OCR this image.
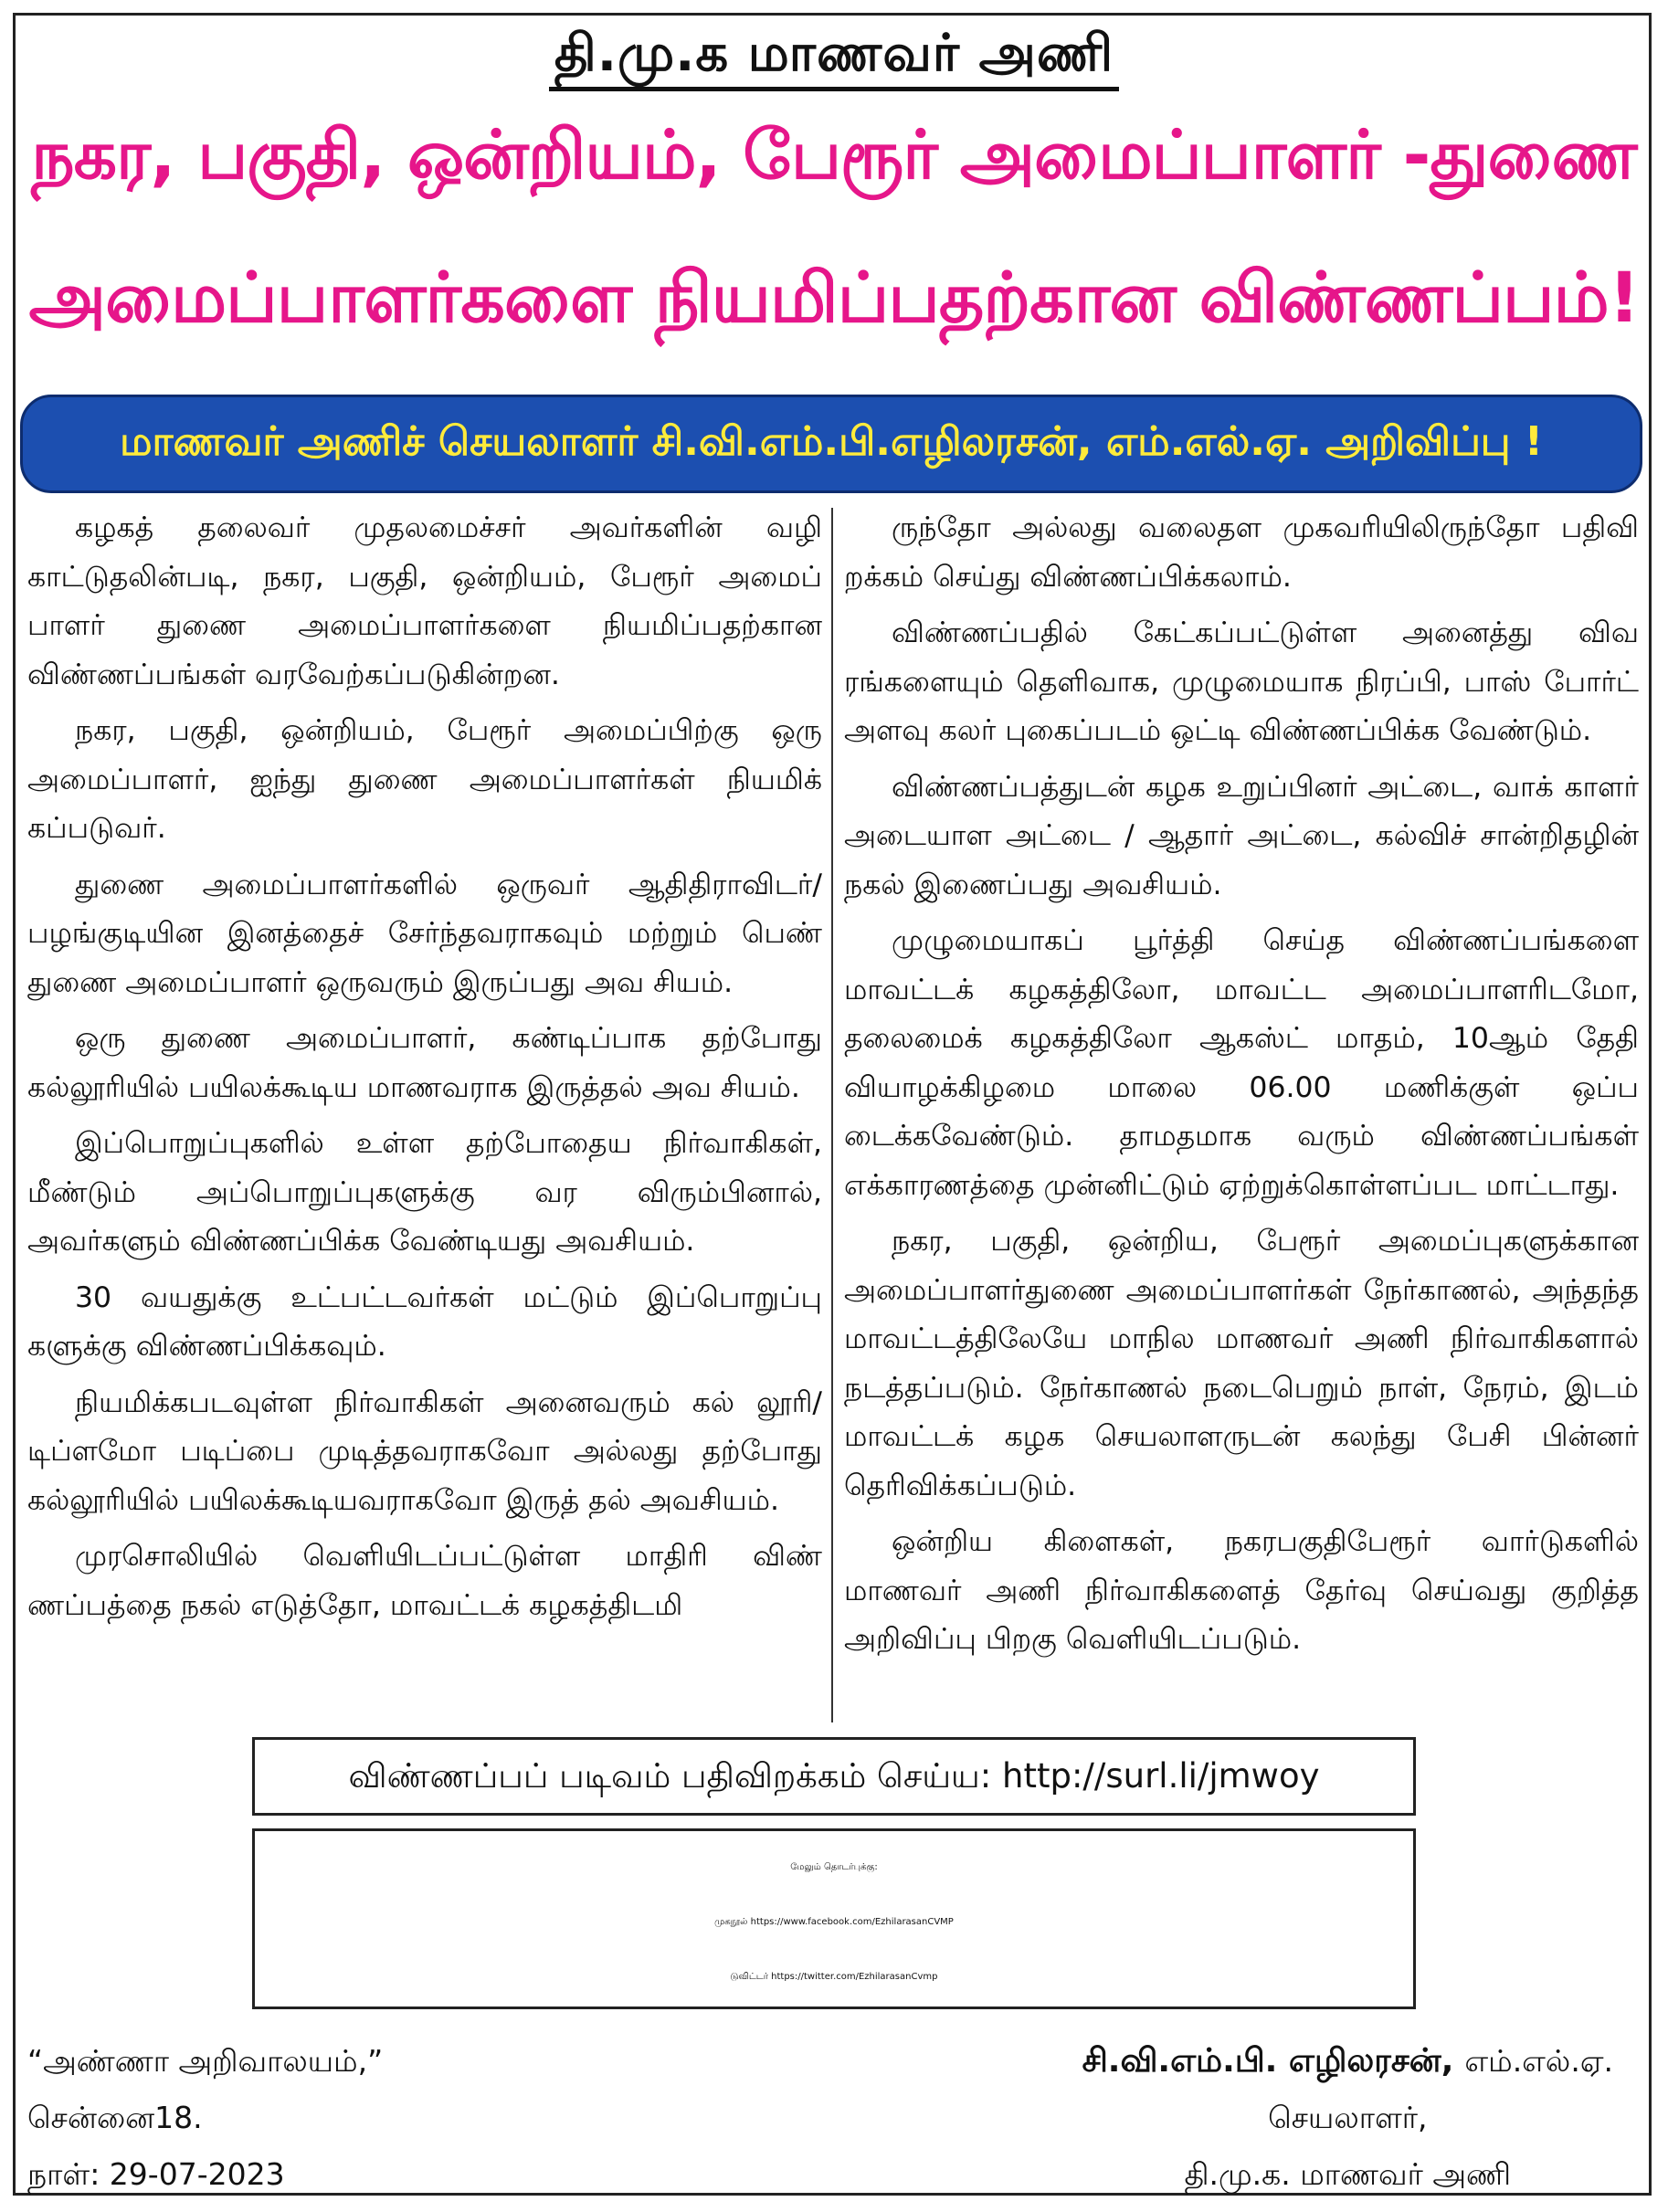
தி.மு.க மாணவர் அணி
நகர, பகுதி, ஒன்றியம், பேரூர் அமைப்பாளர் -துணை
அமைப்பாளர்களை நியமிப்பதற்கான விண்ணப்பம்!
மாணவர் அணிச் செயலாளர் சி.வி.எம்.பி.எழிலரசன், எம்.எல்.ஏ. அறிவிப்பு !

கழகத் தலைவர் முதலமைச்சர் அவர்களின் வழி காட்டுதலின்படி, நகர, பகுதி, ஒன்றியம், பேரூர் அமைப் பாளர் துணை அமைப்பாளர்களை நியமிப்பதற்கான விண்ணப்பங்கள் வரவேற்கப்படுகின்றன.

நகர, பகுதி, ஒன்றியம், பேரூர் அமைப்பிற்கு ஒரு அமைப்பாளர், ஐந்து துணை அமைப்பாளர்கள் நியமிக் கப்படுவர்.

துணை அமைப்பாளர்களில் ஒருவர் ஆதிதிராவிடர்/ பழங்குடியின இனத்தைச் சேர்ந்தவராகவும் மற்றும் பெண் துணை அமைப்பாளர் ஒருவரும் இருப்பது அவ சியம்.

ஒரு துணை அமைப்பாளர், கண்டிப்பாக தற்போது கல்லூரியில் பயிலக்கூடிய மாணவராக இருத்தல் அவ சியம்.

இப்பொறுப்புகளில் உள்ள தற்போதைய நிர்வாகிகள், மீண்டும் அப்பொறுப்புகளுக்கு வர விரும்பினால், அவர்களும் விண்ணப்பிக்க வேண்டியது அவசியம்.

30 வயதுக்கு உட்பட்டவர்கள் மட்டும் இப்பொறுப்பு களுக்கு விண்ணப்பிக்கவும்.

நியமிக்கபடவுள்ள நிர்வாகிகள் அனைவரும் கல் லூரி/டிப்ளமோ படிப்பை முடித்தவராகவோ அல்லது தற்போது கல்லூரியில் பயிலக்கூடியவராகவோ இருத் தல் அவசியம்.

முரசொலியில் வெளியிடப்பட்டுள்ள மாதிரி விண் ணப்பத்தை நகல் எடுத்தோ, மாவட்டக் கழகத்திடமி

ருந்தோ அல்லது வலைதள முகவரியிலிருந்தோ பதிவி றக்கம் செய்து விண்ணப்பிக்கலாம்.

விண்ணப்பதில் கேட்கப்பட்டுள்ள அனைத்து விவ ரங்களையும் தெளிவாக, முழுமையாக நிரப்பி, பாஸ் போர்ட் அளவு கலர் புகைப்படம் ஒட்டி விண்ணப்பிக்க வேண்டும்.

விண்ணப்பத்துடன் கழக உறுப்பினர் அட்டை, வாக் காளர் அடையாள அட்டை / ஆதார் அட்டை, கல்விச் சான்றிதழின் நகல் இணைப்பது அவசியம்.

முழுமையாகப் பூர்த்தி செய்த விண்ணப்பங்களை மாவட்டக் கழகத்திலோ, மாவட்ட அமைப்பாளரிடமோ, தலைமைக் கழகத்திலோ ஆகஸ்ட் மாதம், 10ஆம் தேதி வியாழக்கிழமை மாலை 06.00 மணிக்குள் ஒப்ப டைக்கவேண்டும். தாமதமாக வரும் விண்ணப்பங்கள் எக்காரணத்தை முன்னிட்டும் ஏற்றுக்கொள்ளப்பட மாட்டாது.

நகர, பகுதி, ஒன்றிய, பேரூர் அமைப்புகளுக்கான அமைப்பாளர்துணை அமைப்பாளர்கள் நேர்காணல், அந்தந்த மாவட்டத்திலேயே மாநில மாணவர் அணி நிர்வாகிகளால் நடத்தப்படும். நேர்காணல் நடைபெறும் நாள், நேரம், இடம் மாவட்டக் கழக செயலாளருடன் கலந்து பேசி பின்னர் தெரிவிக்கப்படும்.

ஒன்றிய கிளைகள், நகரபகுதிபேரூர் வார்டுகளில் மாணவர் அணி நிர்வாகிகளைத் தேர்வு செய்வது குறித்த அறிவிப்பு பிறகு வெளியிடப்படும்.

விண்ணப்பப் படிவம் பதிவிறக்கம் செய்ய: http://surl.li/jmwoy
மேலும் தொடர்புக்கு:
முகநூல் https://www.facebook.com/EzhilarasanCVMP
டுவிட்டர் https://twitter.com/EzhilarasanCvmp
“அண்ணா அறிவாலயம்,”
சென்னை18.
நாள்: 29-07-2023
சி.வி.எம்.பி. எழிலரசன், எம்.எல்.ஏ.
செயலாளர்,
தி.மு.க. மாணவர் அணி
